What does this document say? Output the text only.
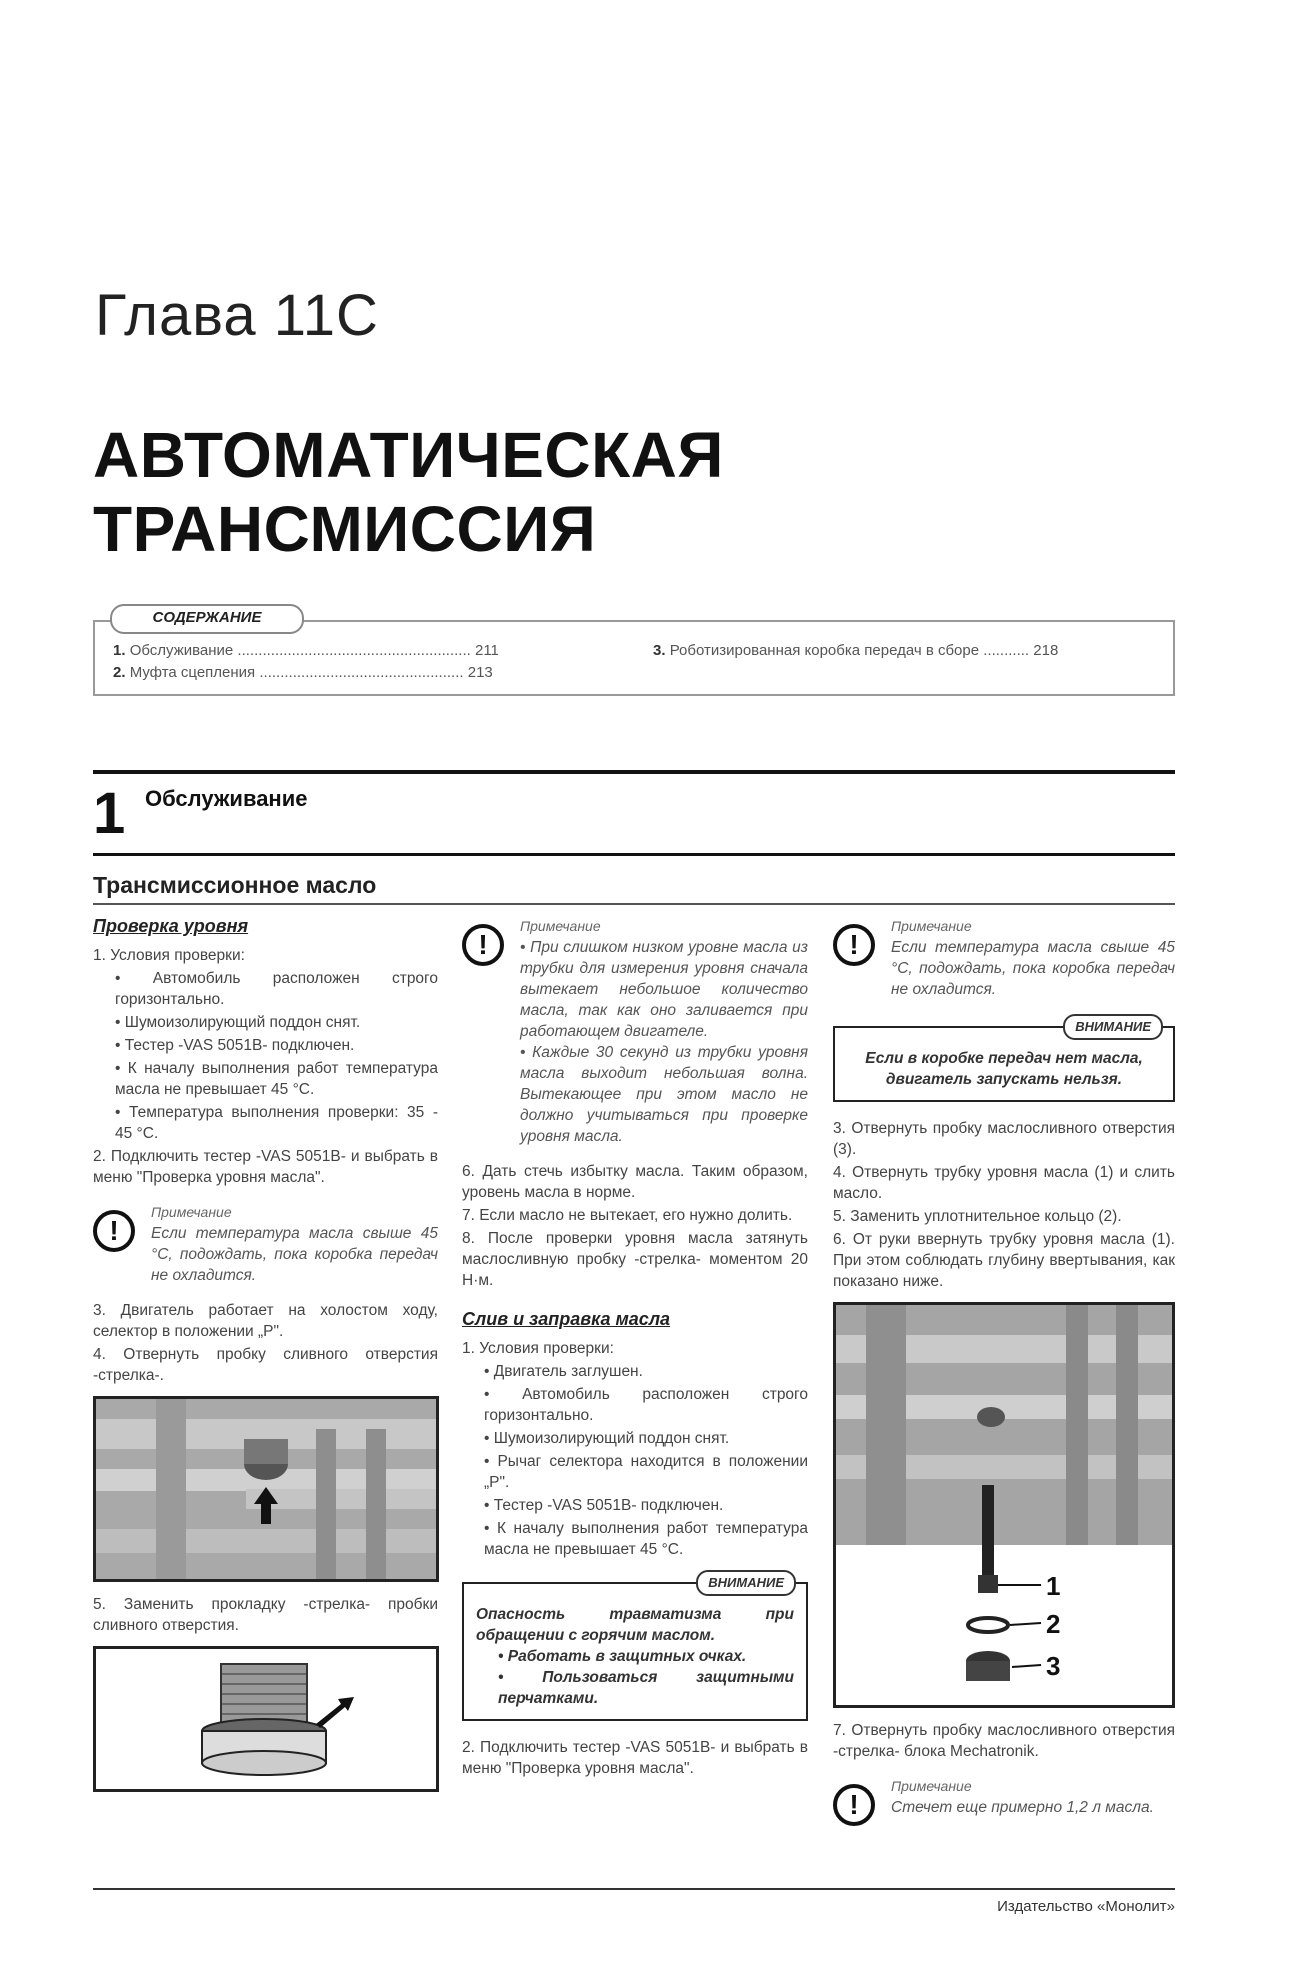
Глава 11С
АВТОМАТИЧЕСКАЯ
ТРАНСМИССИЯ
1. Обслуживание ........................................................ 211
2. Муфта сцепления ................................................. 213
3. Роботизированная коробка передач в сборе ........... 218
СОДЕРЖАНИЕ
1 Обслуживание
Трансмиссионное масло
Проверка уровня

1. Условия проверки:

• Автомобиль расположен строго горизонтально.

• Шумоизолирующий поддон снят.

• Тестер -VAS 5051B- подключен.

• К началу выполнения работ температура масла не превышает 45 °С.

• Температура выполнения проверки: 35 - 45 °С.

2. Подключить тестер -VAS 5051B- и выбрать в меню "Проверка уровня масла".

!
Примечание
Если температура масла свыше 45 °С, подождать, пока коробка передач не охладится.

3. Двигатель работает на холостом ходу, селектор в положении „P".

4. Отвернуть пробку сливного отверстия -стрелка-.

5. Заменить прокладку -стрелка- пробки сливного отверстия.

!
Примечание
• При слишком низком уровне масла из трубки для измерения уровня сначала вытекает небольшое количество масла, так как оно заливается при работающем двигателе.
• Каждые 30 секунд из трубки уровня масла выходит небольшая волна. Вытекающее при этом масло не должно учитываться при проверке уровня масла.

6. Дать стечь избытку масла. Таким образом, уровень масла в норме.

7. Если масло не вытекает, его нужно долить.

8. После проверки уровня масла затянуть маслосливную пробку -стрелка- моментом 20 Н·м.

Слив и заправка масла

1. Условия проверки:

• Двигатель заглушен.

• Автомобиль расположен строго горизонтально.

• Шумоизолирующий поддон снят.

• Рычаг селектора находится в положении „P".

• Тестер -VAS 5051B- подключен.

• К началу выполнения работ температура масла не превышает 45 °С.

ВНИМАНИЕ
Опасность травматизма при обращении с горячим маслом.
• Работать в защитных очках.
• Пользоваться защитными перчатками.

2. Подключить тестер -VAS 5051B- и выбрать в меню "Проверка уровня масла".

!
Примечание
Если температура масла свыше 45 °С, подождать, пока коробка передач не охладится.
ВНИМАНИЕ
Если в коробке передач нет масла, двигатель запускать нельзя.

3. Отвернуть пробку маслосливного отверстия (3).

4. Отвернуть трубку уровня масла (1) и слить масло.

5. Заменить уплотнительное кольцо (2).

6. От руки ввернуть трубку уровня масла (1). При этом соблюдать глубину ввертывания, как показано ниже.

1
2
3

7. Отвернуть пробку маслосливного отверстия -стрелка- блока Mechatronik.

!
Примечание
Стечет еще примерно 1,2 л масла.
Издательство «Монолит»
